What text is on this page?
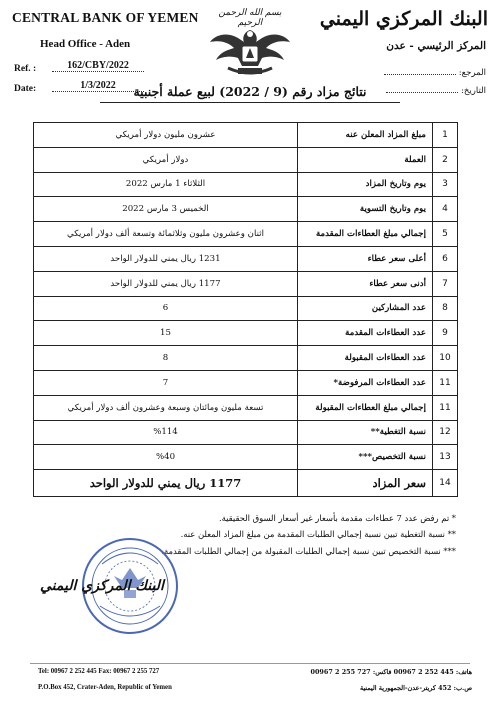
CENTRAL BANK OF YEMEN
Head Office - Aden
Ref. :	162/CBY/2022
Date:	1/3/2022
بسم الله الرحمن الرحيم	البنك المركزي اليمني
المركز الرئيسي - عدن
المرجع:
التاريخ:
نتائج مزاد رقم (9 / 2022) لبيع عملة أجنبية
1	مبلغ المزاد المعلن عنه	عشرون مليون دولار أمريكي
2	العملة	دولار أمريكي
3	يوم وتاريخ المزاد	الثلاثاء 1 مارس 2022
4	يوم وتاريخ التسوية	الخميس 3 مارس 2022
5	إجمالي مبلغ العطاءات المقدمة	اثنان وعشرون مليون وثلاثمائة وتسعة ألف دولار أمريكي
6	أعلى سعر عطاء	1231 ريال يمني للدولار الواحد
7	أدنى سعر عطاء	1177 ريال يمني للدولار الواحد
8	عدد المشاركين	6
9	عدد العطاءات المقدمة	15
10	عدد العطاءات المقبولة	8
11	عدد العطاءات المرفوضة*	7
11	إجمالي مبلغ العطاءات المقبولة	تسعة مليون ومائتان وسبعة وعشرون ألف دولار أمريكي
12	نسبة التغطية**	%114
13	نسبة التخصيص***	%40
14	سعر المزاد	1177 ريال يمني للدولار الواحد
* تم رفض عدد 7 عطاءات مقدمة بأسعار غير أسعار السوق الحقيقية.
** نسبة التغطية تبين نسبة إجمالي الطلبات المقدمة من مبلغ المزاد المعلن عنه.
*** نسبة التخصيص تبين نسبة إجمالي الطلبات المقبولة من إجمالي الطلبات المقدمة.
البنك المركزي اليمني
Tel: 00967 2 252 445 Fax: 00967 2 255 727
P.O.Box 452, Crater-Aden, Republic of Yemen
هاتف: 445 252 2 00967 فاكس: 727 255 2 00967
ص.ب: 452 كريتر-عدن-الجمهورية اليمنية
